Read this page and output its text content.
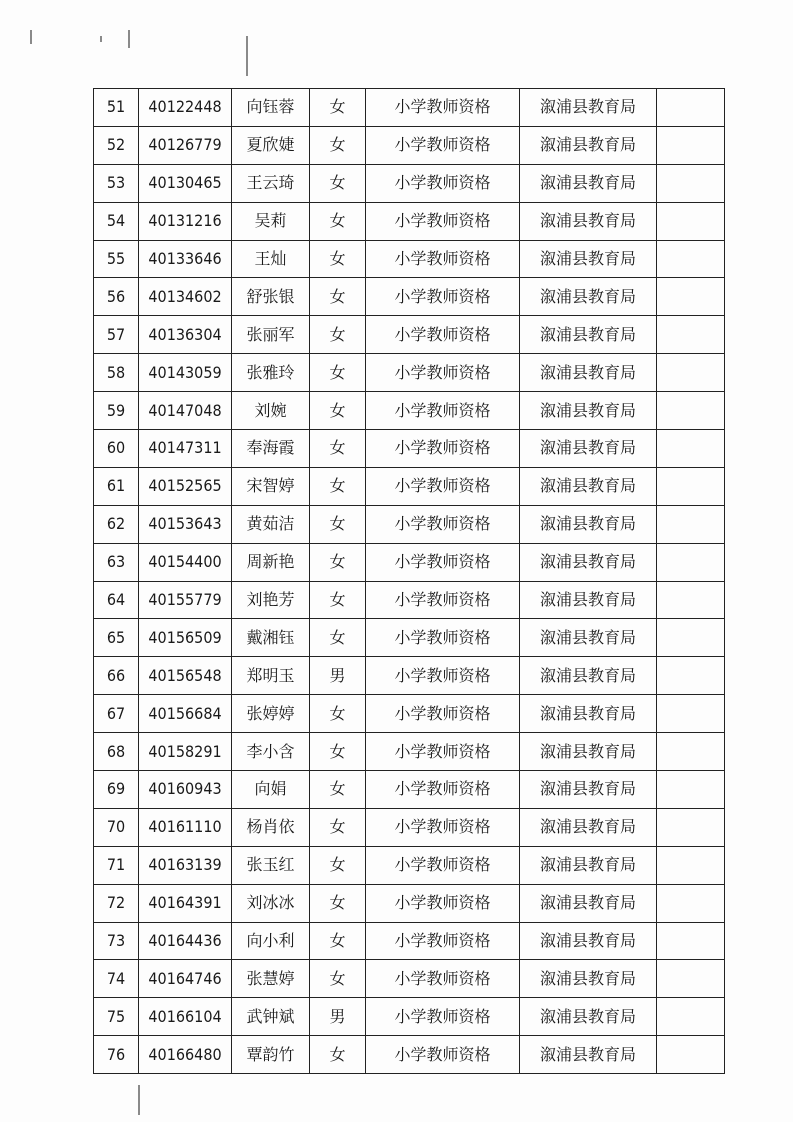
51	40122448	向钰蓉	女	小学教师资格	溆浦县教育局	
52	40126779	夏欣婕	女	小学教师资格	溆浦县教育局	
53	40130465	王云琦	女	小学教师资格	溆浦县教育局	
54	40131216	吴莉	女	小学教师资格	溆浦县教育局	
55	40133646	王灿	女	小学教师资格	溆浦县教育局	
56	40134602	舒张银	女	小学教师资格	溆浦县教育局	
57	40136304	张丽军	女	小学教师资格	溆浦县教育局	
58	40143059	张雅玲	女	小学教师资格	溆浦县教育局	
59	40147048	刘婉	女	小学教师资格	溆浦县教育局	
60	40147311	奉海霞	女	小学教师资格	溆浦县教育局	
61	40152565	宋智婷	女	小学教师资格	溆浦县教育局	
62	40153643	黄茹洁	女	小学教师资格	溆浦县教育局	
63	40154400	周新艳	女	小学教师资格	溆浦县教育局	
64	40155779	刘艳芳	女	小学教师资格	溆浦县教育局	
65	40156509	戴湘钰	女	小学教师资格	溆浦县教育局	
66	40156548	郑明玉	男	小学教师资格	溆浦县教育局	
67	40156684	张婷婷	女	小学教师资格	溆浦县教育局	
68	40158291	李小含	女	小学教师资格	溆浦县教育局	
69	40160943	向娟	女	小学教师资格	溆浦县教育局	
70	40161110	杨肖依	女	小学教师资格	溆浦县教育局	
71	40163139	张玉红	女	小学教师资格	溆浦县教育局	
72	40164391	刘冰冰	女	小学教师资格	溆浦县教育局	
73	40164436	向小利	女	小学教师资格	溆浦县教育局	
74	40164746	张慧婷	女	小学教师资格	溆浦县教育局	
75	40166104	武钟斌	男	小学教师资格	溆浦县教育局	
76	40166480	覃韵竹	女	小学教师资格	溆浦县教育局	
